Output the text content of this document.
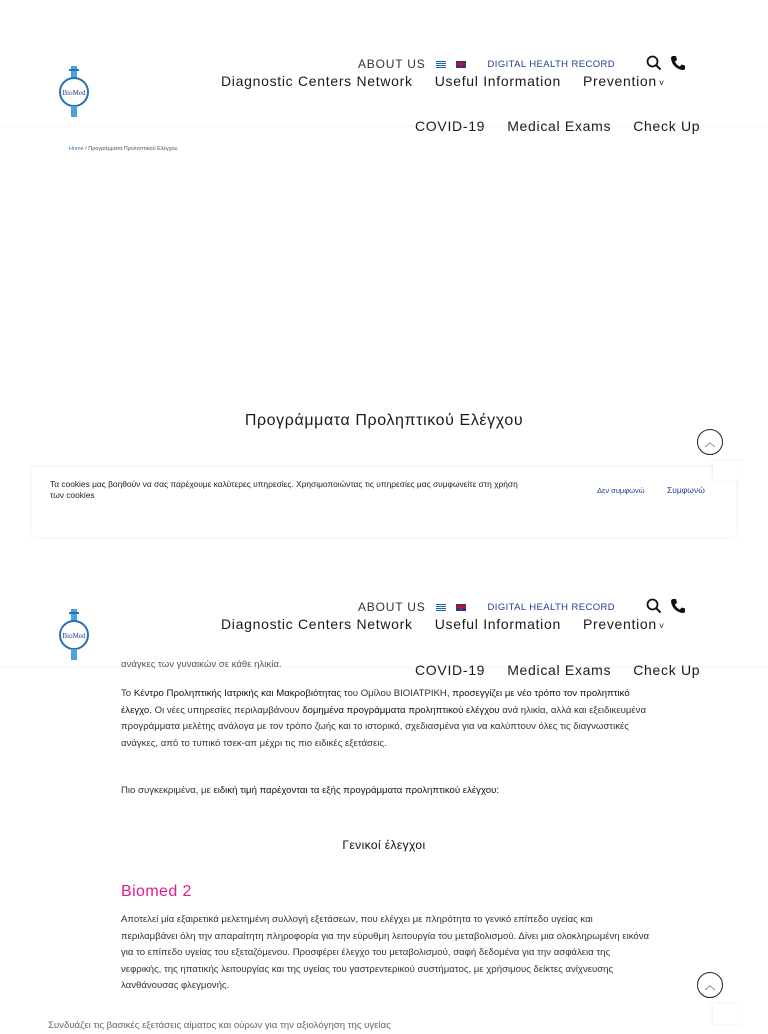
BioMed
ABOUT US	DIGITAL HEALTH RECORD
Diagnostic Centers Network Useful Information Prevention ˅
COVID-19 Medical Exams Check Up
Home / Προγράμματα Προληπτικού Ελέγχου
Προγράμματα Προληπτικού Ελέγχου
︿
Τα cookies μας βοηθούν να σας παρέχουμε καλύτερες υπηρεσίες. Χρησιμοποιώντας τις υπηρεσίες μας συμφωνείτε στη χρήση των cookies	Δεν συμφωνώ	Συμφωνώ
BioMed
ABOUT US	DIGITAL HEALTH RECORD
Diagnostic Centers Network Useful Information Prevention ˅
ανάγκες των γυναικών σε κάθε ηλικία.	COVID-19 Medical Exams Check Up
Το Κέντρο Προληπτικής Ιατρικής και Μακροβιότητας του Ομίλου ΒΙΟΙΑΤΡΙΚΗ, προσεγγίζει με νέο τρόπο τον προληπτικό έλεγχο. Οι νέες υπηρεσίες περιλαμβάνουν δομημένα προγράμματα προληπτικού ελέγχου ανά ηλικία, αλλά και εξειδικευμένα προγράμματα μελέτης ανάλογα με τον τρόπο ζωής και το ιστορικό, σχεδιασμένα για να καλύπτουν όλες τις διαγνωστικές ανάγκες, από το τυπικό τσεκ-απ μέχρι τις πιο ειδικές εξετάσεις.
Πιο συγκεκριμένα, με ειδική τιμή παρέχονται τα εξής προγράμματα προληπτικού ελέγχου:
Γενικοί έλεγχοι
Biomed 2
Αποτελεί μία εξαιρετικά μελετημένη συλλογή εξετάσεων, που ελέγχει με πληρότητα το γενικό επίπεδο υγείας και περιλαμβάνει όλη την απαραίτητη πληροφορία για την εύρυθμη λειτουργία του μεταβολισμού. Δίνει μια ολοκληρωμένη εικόνα για το επίπεδο υγείας του εξεταζόμενου. Προσφέρει έλεγχο του μεταβολισμού, σαφή δεδομένα για την ασφάλεια της νεφρικής, της ηπατικής λειτουργίας και της υγείας του γαστρεντερικού συστήματος, με χρήσιμους δείκτες ανίχνευσης λανθάνουσας φλεγμονής.	︿
Συνδυάζει τις βασικές εξετάσεις αίματος και ούρων για την αξιολόγηση της υγείας
